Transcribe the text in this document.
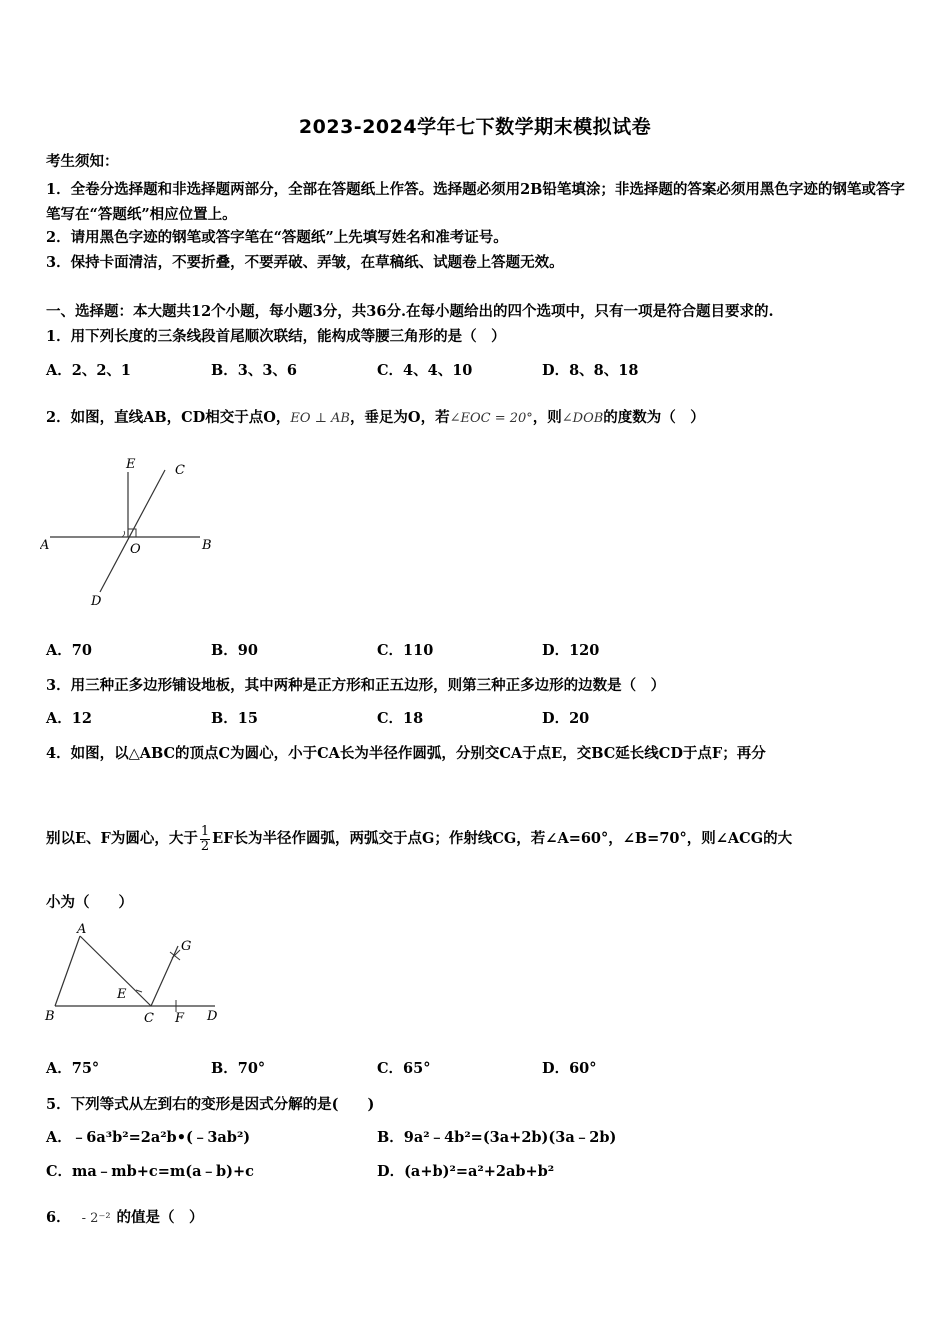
2023-2024学年七下数学期末模拟试卷
考生须知：
1．全卷分选择题和非选择题两部分，全部在答题纸上作答。选择题必须用2B铅笔填涂；非选择题的答案必须用黑色字迹的钢笔或答字笔写在“答题纸”相应位置上。
2．请用黑色字迹的钢笔或答字笔在“答题纸”上先填写姓名和准考证号。
3．保持卡面清洁，不要折叠，不要弄破、弄皱，在草稿纸、试题卷上答题无效。
一、选择题：本大题共12个小题，每小题3分，共36分.在每小题给出的四个选项中，只有一项是符合题目要求的.
1．用下列长度的三条线段首尾顺次联结，能构成等腰三角形的是（　）
A．2、2、1	B．3、3、6	C．4、4、10	D．8、8、18
2．如图，直线AB，CD相交于点O，EO ⊥ AB，垂足为O，若∠EOC = 20°，则∠DOB的度数为（　）
A	B
C
D
E
O
A．70	B．90	C．110	D．120
3．用三种正多边形铺设地板，其中两种是正方形和正五边形，则第三种正多边形的边数是（　）
A．12	B．15	C．18	D．20
4．如图，以△ABC的顶点C为圆心，小于CA长为半径作圆弧，分别交CA于点E，交BC延长线CD于点F；再分
别以E、F为圆心，大于 $\frac{1}{2}$ EF长为半径作圆弧，两弧交于点G；作射线CG，若∠A=60°，∠B=70°，则∠ACG的大
小为（　　）
A
B	C	D
E
F
G
A．75°	B．70°	C．65°	D．60°
5．下列等式从左到右的变形是因式分解的是(　　)
A．﹣6a³b²=2a²b•(﹣3ab²)	B．9a²﹣4b²=(3a+2b)(3a﹣2b)
C．ma﹣mb+c=m(a﹣b)+c	D．(a+b)²=a²+2ab+b²
6． - 2⁻² 的值是（　）
